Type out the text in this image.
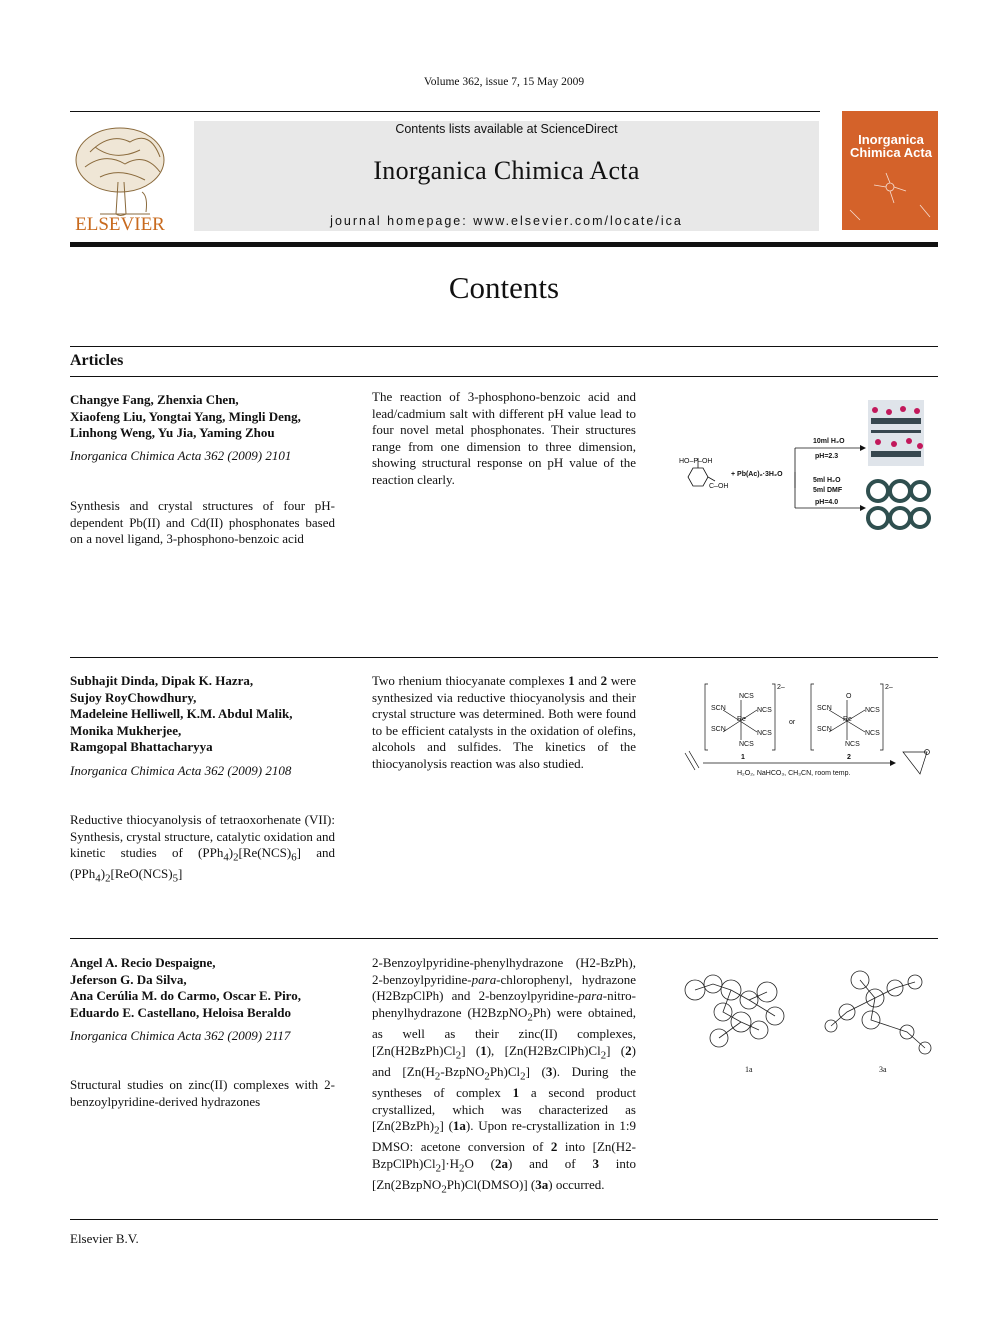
Volume 362, issue 7, 15 May 2009
ELSEVIER
Contents lists available at ScienceDirect
Inorganica Chimica Acta
journal homepage: www.elsevier.com/locate/ica
Inorganica
Chimica Acta
Contents
Articles
Changye Fang, Zhenxia Chen,
Xiaofeng Liu, Yongtai Yang, Mingli Deng,
Linhong Weng, Yu Jia, Yaming Zhou
Inorganica Chimica Acta 362 (2009) 2101
Synthesis and crystal structures of four pH-dependent Pb(II) and Cd(II) phosphonates based on a novel ligand, 3-phosphono-benzoic acid
The reaction of 3-phosphono-benzoic acid and lead/cadmium salt with different pH value lead to four novel metal phosphonates. Their structures range from one dimension to three dimension, showing structural response on pH value of the reaction clearly.
HO–P–OH
C–OH
+ Pb(Ac)₂·3H₂O
10ml H₂O
pH=2.3
5ml H₂O
5ml DMF
pH=4.0
Subhajit Dinda, Dipak K. Hazra,
Sujoy RoyChowdhury,
Madeleine Helliwell, K.M. Abdul Malik,
Monika Mukherjee,
Ramgopal Bhattacharyya
Inorganica Chimica Acta 362 (2009) 2108
Reductive thiocyanolysis of tetraoxorhenate (VII): Synthesis, crystal structure, catalytic oxidation and kinetic studies of $(PPh_4)_2[Re(NCS)_6]$ and $(PPh_4)_2[ReO(NCS)_5]$
Two rhenium thiocyanate complexes 1 and 2 were synthesized via reductive thiocyanolysis and their crystal structure was determined. Both were found to be efficient catalysts in the oxidation of olefins, alcohols and sulfides. The kinetics of the thiocyanolysis reaction was also studied.
2–
NCS
SCN	NCS
Re
SCN
NCS
NCS
or
2–
O
SCN	NCS
Re
SCN
NCS
NCS
1	2
H₂O₂, NaHCO₃, CH₃CN, room temp.
Angel A. Recio Despaigne,
Jeferson G. Da Silva,
Ana Cerúlia M. do Carmo, Oscar E. Piro,
Eduardo E. Castellano, Heloisa Beraldo
Inorganica Chimica Acta 362 (2009) 2117
Structural studies on zinc(II) complexes with 2-benzoylpyridine-derived hydrazones
2-Benzoylpyridine-phenylhydrazone (H2-BzPh), 2-benzoylpyridine-para-chlorophenyl, hydrazone (H2BzpClPh) and 2-benzoylpyridine-para-nitro-phenylhydrazone (H2BzpNO$_2$Ph) were obtained, as well as their zinc(II) complexes, $[Zn(H2BzPh)Cl_2]$ (1), $[Zn(H2BzClPh)Cl_2]$ (2) and $[Zn(H_2-BzpNO_2Ph)Cl_2]$ (3). During the syntheses of complex 1 a second product crystallized, which was characterized as $[Zn(2BzPh)_2]$ (1a). Upon re-crystallization in 1:9 DMSO: acetone conversion of 2 into $[Zn(H2-BzpClPh)Cl_2]\cdot H_2O$ (2a) and of 3 into [Zn(2BzpNO$_2$Ph)Cl(DMSO)] (3a) occurred.
1a	3a
Elsevier B.V.
